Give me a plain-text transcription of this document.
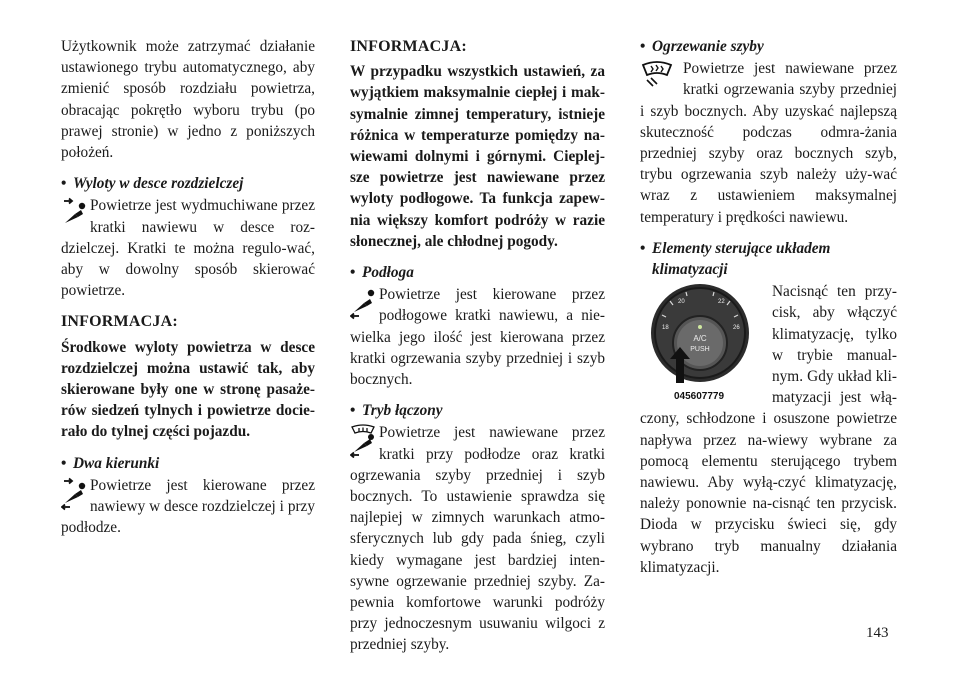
Użytkownik może zatrzymać działanie ustawionego trybu automatycznego, aby zmienić sposób rozdziału powietrza, obracając pokrętło wyboru trybu (po prawej stronie) w jedno z poniższych położeń.

• Wyloty w desce rozdzielczej

Powietrze jest wydmuchiwane przez kratki nawiewu w desce roz-dzielczej. Kratki te można regulo-wać, aby w dowolny sposób skierować powietrze.

INFORMACJA:

Środkowe wyloty powietrza w desce rozdzielczej można ustawić tak, aby skierowane były one w stronę pasaże-rów siedzeń tylnych i powietrze docie-rało do tylnej części pojazdu.

• Dwa kierunki

Powietrze jest kierowane przez nawiewy w desce rozdzielczej i przy podłodze.

INFORMACJA:

W przypadku wszystkich ustawień, za wyjątkiem maksymalnie ciepłej i mak-symalnie zimnej temperatury, istnieje różnica w temperaturze pomiędzy na-wiewami dolnymi i górnymi. Cieplej-sze powietrze jest nawiewane przez wyloty podłogowe. Ta funkcja zapew-nia większy komfort podróży w razie słonecznej, ale chłodnej pogody.

• Podłoga

Powietrze jest kierowane przez podłogowe kratki nawiewu, a nie-wielka jego ilość jest kierowana przez kratki ogrzewania szyby przedniej i szyb bocznych.

• Tryb łączony

Powietrze jest nawiewane przez kratki przy podłodze oraz kratki ogrzewania szyby przedniej i szyb bocznych. To ustawienie sprawdza się najlepiej w zimnych warunkach atmo-sferycznych lub gdy pada śnieg, czyli kiedy wymagane jest bardziej inten-sywne ogrzewanie przedniej szyby. Za-pewnia komfortowe warunki podróży przy jednoczesnym usuwaniu wilgoci z przedniej szyby.

• Ogrzewanie szyby

Powietrze jest nawiewane przez kratki ogrzewania szyby przedniej i szyb bocznych. Aby uzyskać najlepszą skuteczność podczas odmra-żania przedniej szyby oraz bocznych szyb, trybu ogrzewania szyb należy uży-wać wraz z ustawieniem maksymalnej temperatury i prędkości nawiewu.

• Elementy sterujące układem klimatyzacji
A/C
PUSH
20	22
18	26
045607779

Nacisnąć ten przy-cisk, aby włączyć klimatyzację, tylko w trybie manual-nym. Gdy układ kli-matyzacji jest włą-czony, schłodzone i osuszone powietrze napływa przez na-wiewy wybrane za pomocą elementu sterującego trybem nawiewu. Aby wyłą-czyć klimatyzację, należy ponownie na-cisnąć ten przycisk. Dioda w przycisku świeci się, gdy wybrano tryb manualny działania klimatyzacji.

143
